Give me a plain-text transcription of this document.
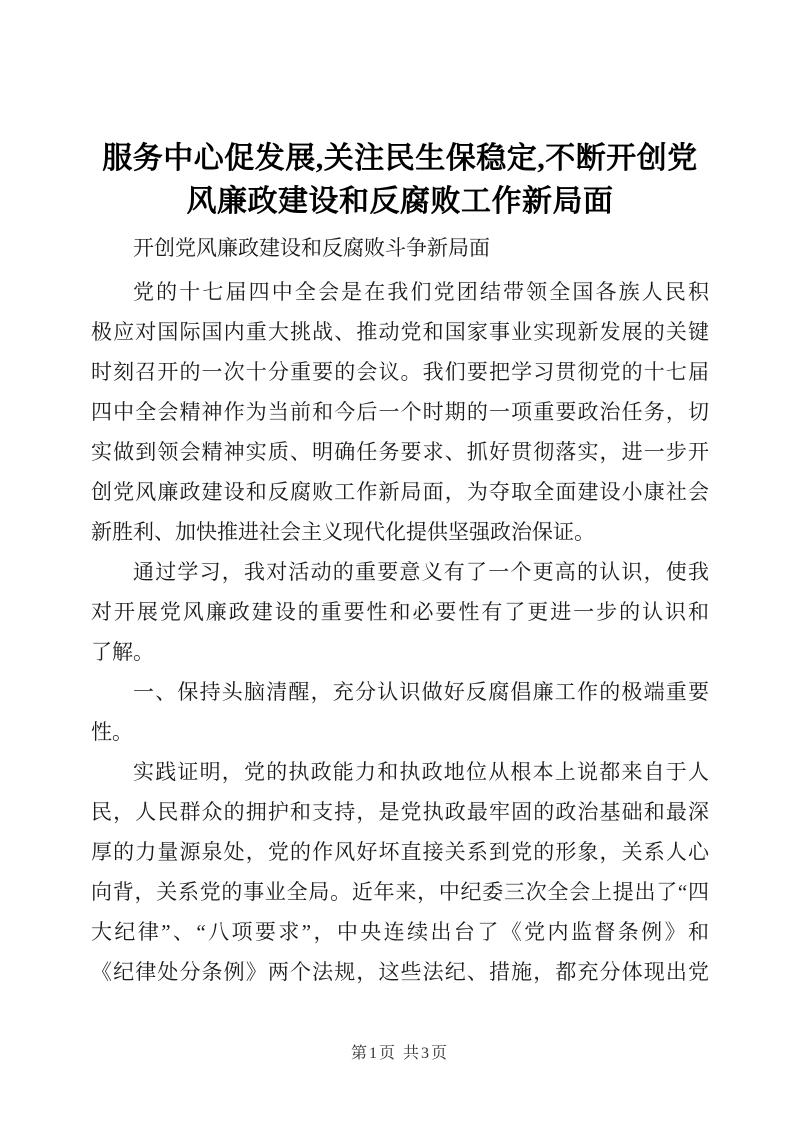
服务中心促发展,关注民生保稳定,不断开创党
风廉政建设和反腐败工作新局面
开创党风廉政建设和反腐败斗争新局面
党的十七届四中全会是在我们党团结带领全国各族人民积
极应对国际国内重大挑战、推动党和国家事业实现新发展的关键
时刻召开的一次十分重要的会议。我们要把学习贯彻党的十七届
四中全会精神作为当前和今后一个时期的一项重要政治任务，切
实做到领会精神实质、明确任务要求、抓好贯彻落实，进一步开
创党风廉政建设和反腐败工作新局面，为夺取全面建设小康社会
新胜利、加快推进社会主义现代化提供坚强政治保证。
通过学习，我对活动的重要意义有了一个更高的认识，使我
对开展党风廉政建设的重要性和必要性有了更进一步的认识和
了解。
一、保持头脑清醒，充分认识做好反腐倡廉工作的极端重要
性。
实践证明，党的执政能力和执政地位从根本上说都来自于人
民，人民群众的拥护和支持，是党执政最牢固的政治基础和最深
厚的力量源泉处，党的作风好坏直接关系到党的形象，关系人心
向背，关系党的事业全局。近年来，中纪委三次全会上提出了“四
大纪律”、“八项要求”，中央连续出台了《党内监督条例》和
《纪律处分条例》两个法规，这些法纪、措施，都充分体现出党
第1页 共3页
